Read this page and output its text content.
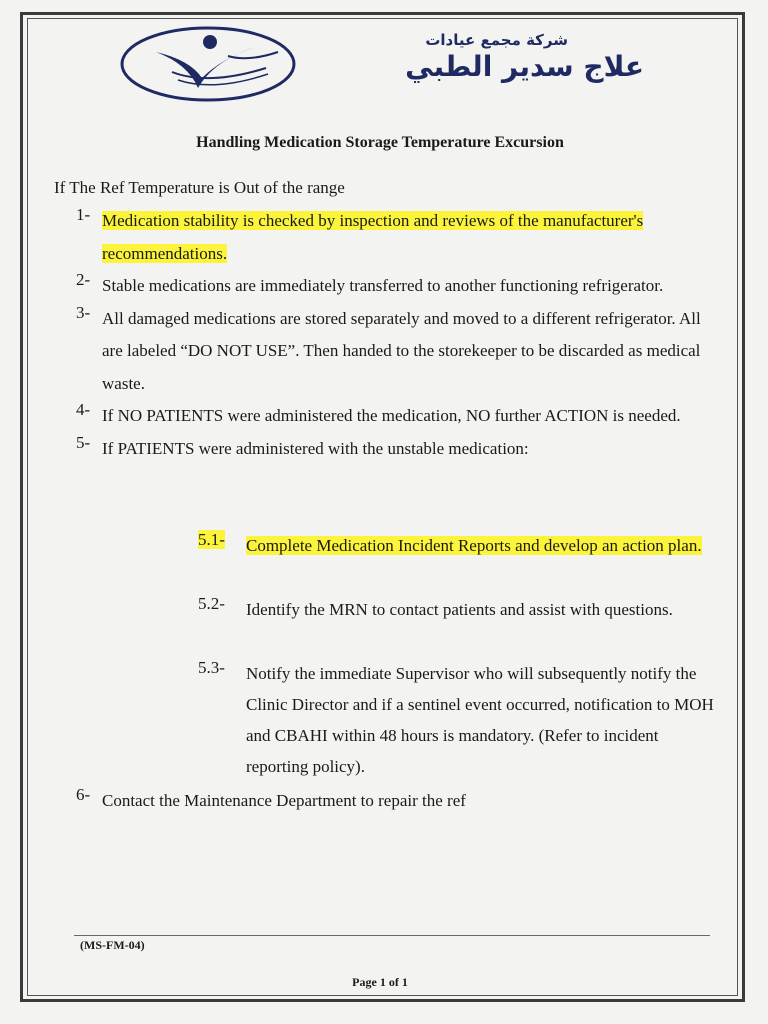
شركة مجمع عيادات
علاج سدير الطبي
Handling Medication Storage Temperature Excursion
If The Ref Temperature is Out of the range
1- Medication stability is checked by inspection and reviews of the manufacturer's recommendations.
2- Stable medications are immediately transferred to another functioning refrigerator.
3- All damaged medications are stored separately and moved to a different refrigerator. All are labeled “DO NOT USE”. Then handed to the storekeeper to be discarded as medical waste.
4- If NO PATIENTS were administered the medication, NO further ACTION is needed.
5- If PATIENTS were administered with the unstable medication:
5.1-	Complete Medication Incident Reports and develop an action plan.
5.2-	Identify the MRN to contact patients and assist with questions.
5.3-	Notify the immediate Supervisor who will subsequently notify the Clinic Director and if a sentinel event occurred, notification to MOH and CBAHI within 48 hours is mandatory. (Refer to incident reporting policy).
6- Contact the Maintenance Department to repair the ref
(MS-FM-04)
Page 1 of 1
